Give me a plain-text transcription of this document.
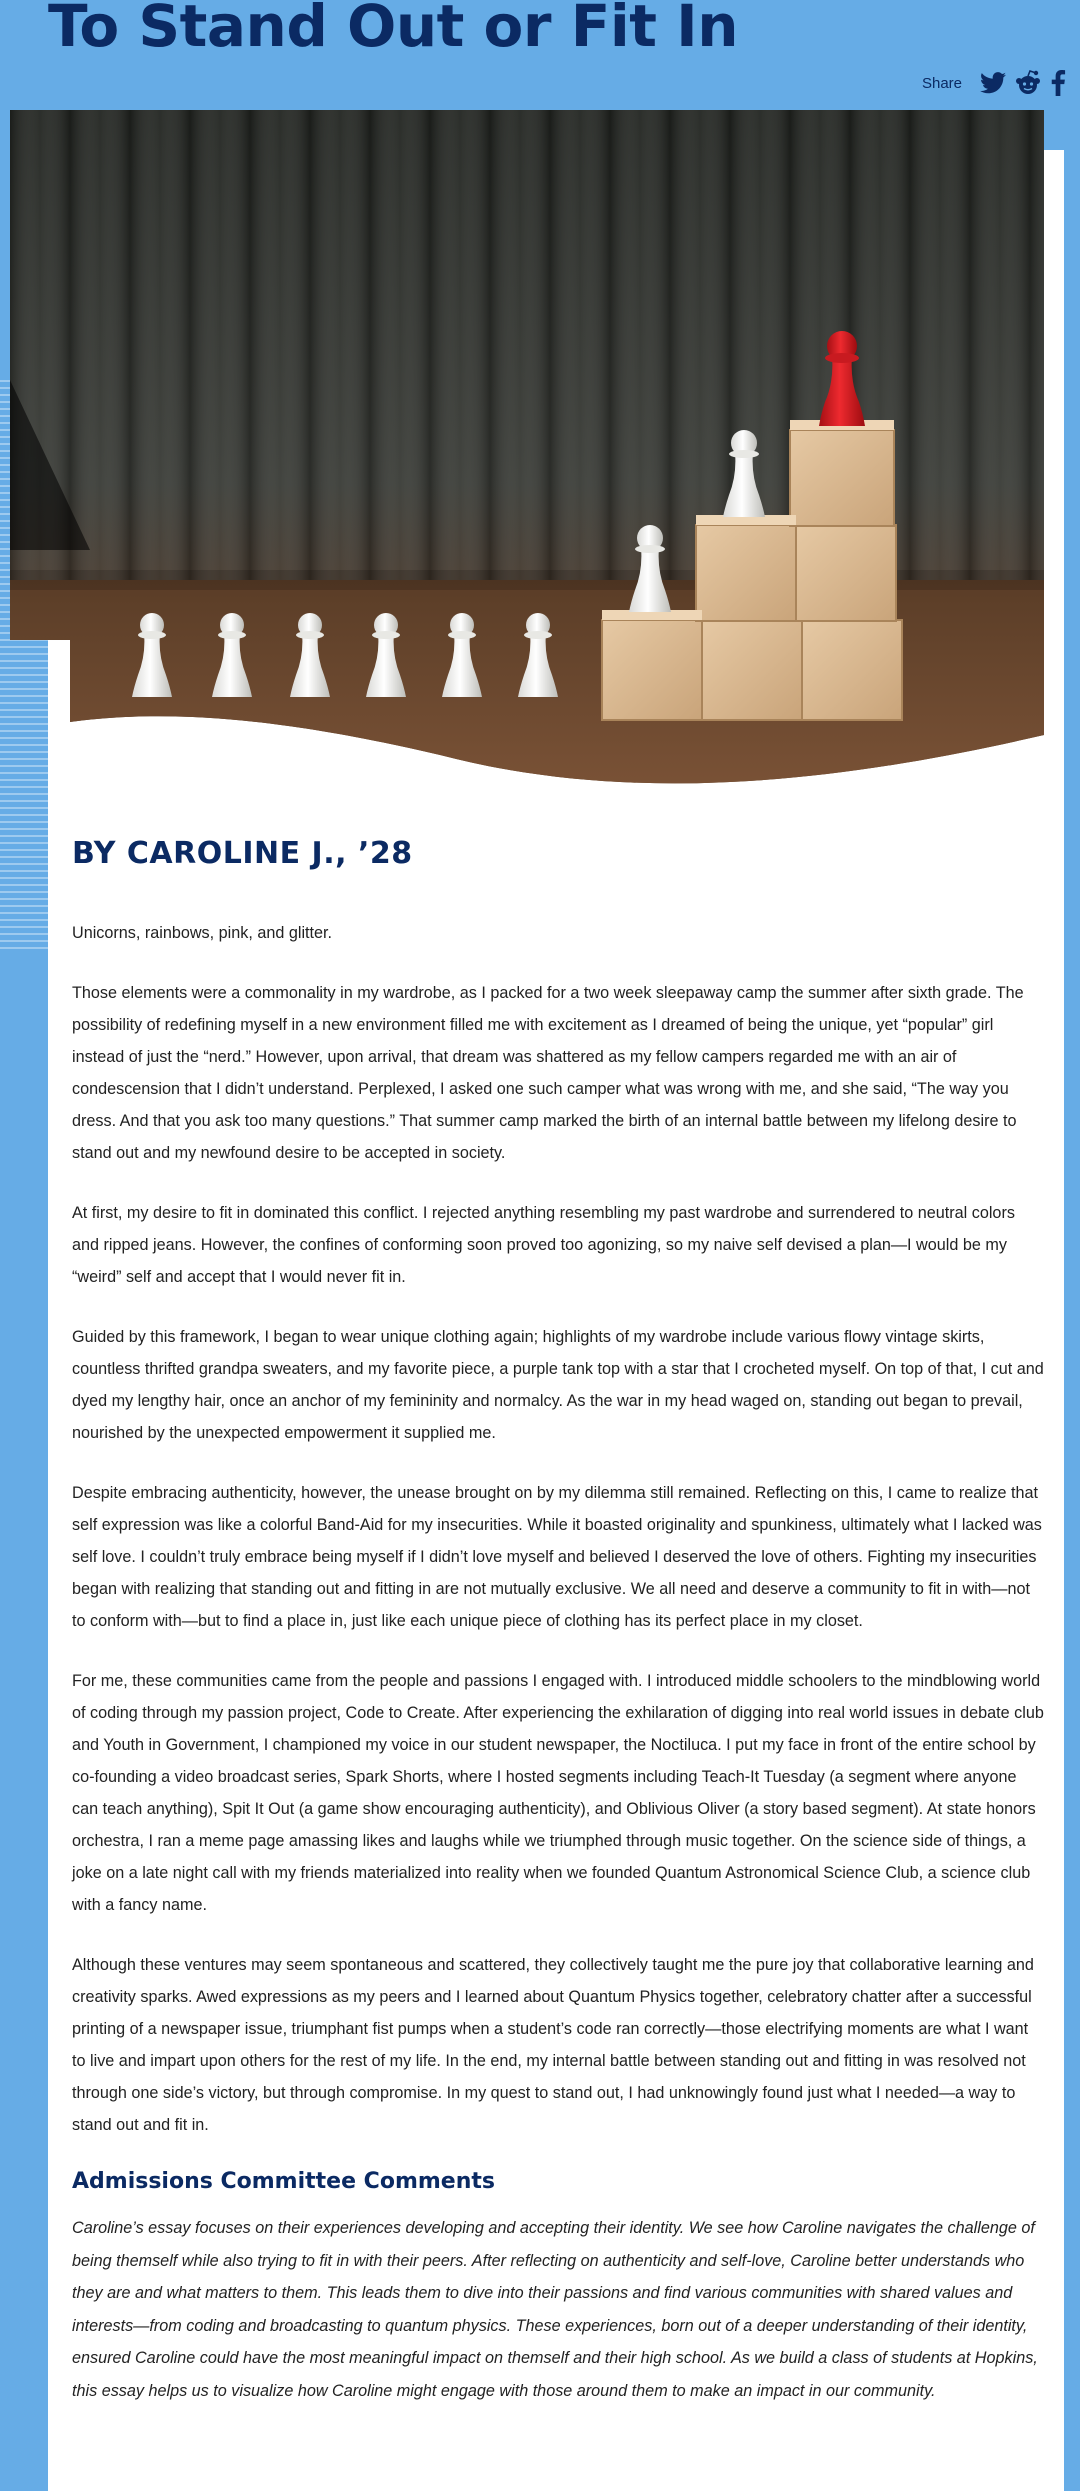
To Stand Out or Fit In
Share
BY CAROLINE J., ’28

Unicorns, rainbows, pink, and glitter.

Those elements were a commonality in my wardrobe, as I packed for a two week sleepaway camp the summer after sixth grade. The possibility of redefining myself in a new environment filled me with excitement as I dreamed of being the unique, yet “popular” girl instead of just the “nerd.” However, upon arrival, that dream was shattered as my fellow campers regarded me with an air of condescension that I didn’t understand. Perplexed, I asked one such camper what was wrong with me, and she said, “The way you dress. And that you ask too many questions.” That summer camp marked the birth of an internal battle between my lifelong desire to stand out and my newfound desire to be accepted in society.

At first, my desire to fit in dominated this conflict. I rejected anything resembling my past wardrobe and surrendered to neutral colors and ripped jeans. However, the confines of conforming soon proved too agonizing, so my naive self devised a plan—I would be my “weird” self and accept that I would never fit in.

Guided by this framework, I began to wear unique clothing again; highlights of my wardrobe include various flowy vintage skirts, countless thrifted grandpa sweaters, and my favorite piece, a purple tank top with a star that I crocheted myself. On top of that, I cut and dyed my lengthy hair, once an anchor of my femininity and normalcy. As the war in my head waged on, standing out began to prevail, nourished by the unexpected empowerment it supplied me.

Despite embracing authenticity, however, the unease brought on by my dilemma still remained. Reflecting on this, I came to realize that self expression was like a colorful Band-Aid for my insecurities. While it boasted originality and spunkiness, ultimately what I lacked was self love. I couldn’t truly embrace being myself if I didn’t love myself and believed I deserved the love of others. Fighting my insecurities began with realizing that standing out and fitting in are not mutually exclusive. We all need and deserve a community to fit in with—not to conform with—but to find a place in, just like each unique piece of clothing has its perfect place in my closet.

For me, these communities came from the people and passions I engaged with. I introduced middle schoolers to the mindblowing world of coding through my passion project, Code to Create. After experiencing the exhilaration of digging into real world issues in debate club and Youth in Government, I championed my voice in our student newspaper, the Noctiluca. I put my face in front of the entire school by co-founding a video broadcast series, Spark Shorts, where I hosted segments including Teach-It Tuesday (a segment where anyone can teach anything), Spit It Out (a game show encouraging authenticity), and Oblivious Oliver (a story based segment). At state honors orchestra, I ran a meme page amassing likes and laughs while we triumphed through music together. On the science side of things, a joke on a late night call with my friends materialized into reality when we founded Quantum Astronomical Science Club, a science club with a fancy name.

Although these ventures may seem spontaneous and scattered, they collectively taught me the pure joy that collaborative learning and creativity sparks. Awed expressions as my peers and I learned about Quantum Physics together, celebratory chatter after a successful printing of a newspaper issue, triumphant fist pumps when a student’s code ran correctly—those electrifying moments are what I want to live and impart upon others for the rest of my life. In the end, my internal battle between standing out and fitting in was resolved not through one side’s victory, but through compromise. In my quest to stand out, I had unknowingly found just what I needed—a way to stand out and fit in.

Admissions Committee Comments

Caroline’s essay focuses on their experiences developing and accepting their identity. We see how Caroline navigates the challenge of being themself while also trying to fit in with their peers. After reflecting on authenticity and self-love, Caroline better understands who they are and what matters to them. This leads them to dive into their passions and find various communities with shared values and interests—from coding and broadcasting to quantum physics. These experiences, born out of a deeper understanding of their identity, ensured Caroline could have the most meaningful impact on themself and their high school. As we build a class of students at Hopkins, this essay helps us to visualize how Caroline might engage with those around them to make an impact in our community.
